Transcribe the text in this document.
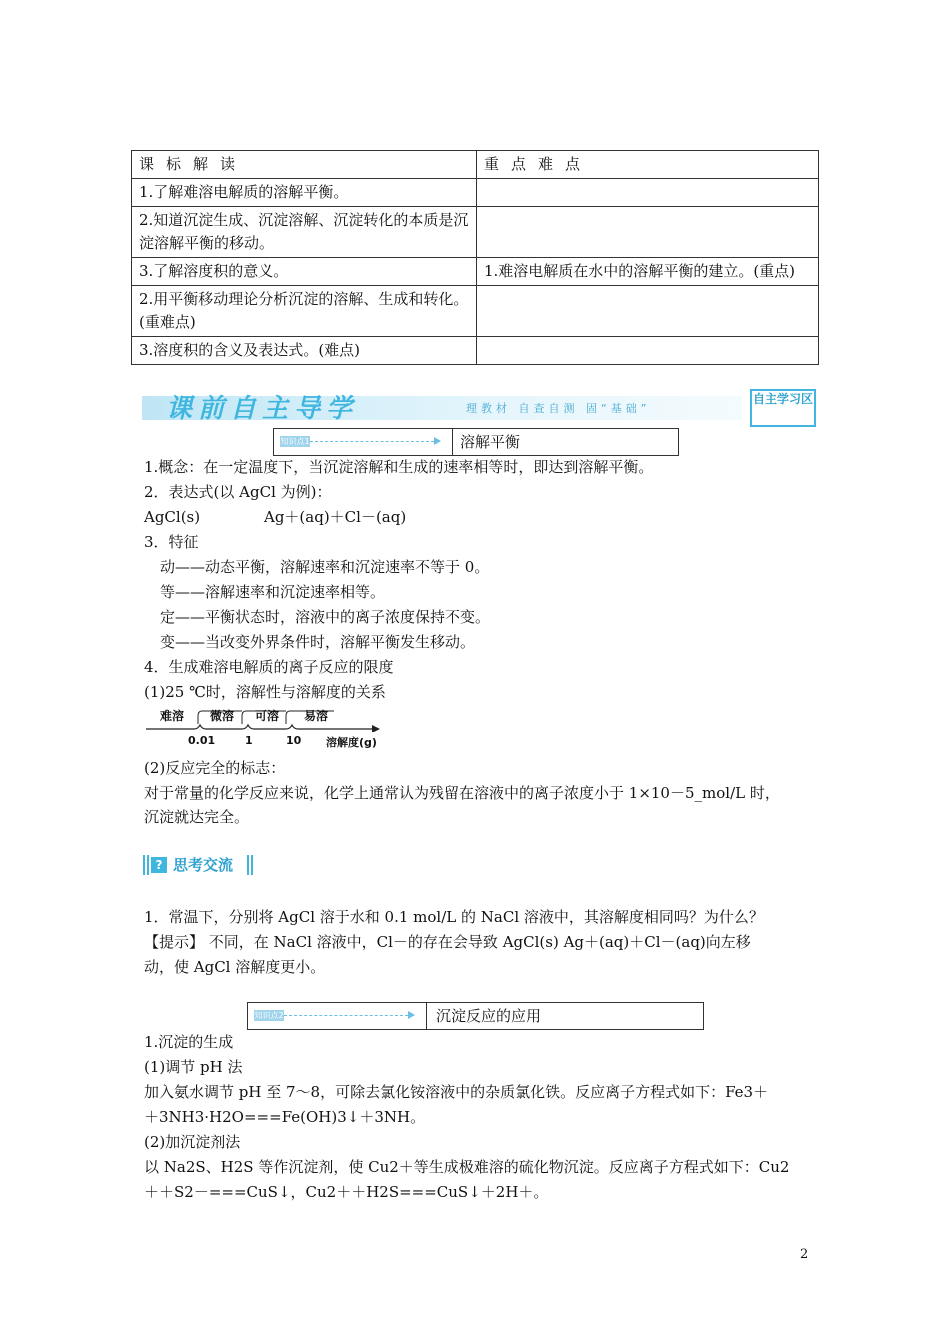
课标解读	重点难点
1.了解难溶电解质的溶解平衡。	
2.知道沉淀生成、沉淀溶解、沉淀转化的本质是沉淀溶解平衡的移动。	
3.了解溶度积的意义。	1.难溶电解质在水中的溶解平衡的建立。(重点)
2.用平衡移动理论分析沉淀的溶解、生成和转化。(重难点)	
3.溶度积的含义及表达式。(难点)	
课前自主导学	理教材 自查自测 固“基础”
自主学习区
知识点1	溶解平衡
1.概念：在一定温度下，当沉淀溶解和生成的速率相等时，即达到溶解平衡。
2．表达式(以 AgCl 为例)：
AgCl(s)	Ag＋(aq)＋Cl－(aq)
3．特征
动——动态平衡，溶解速率和沉淀速率不等于 0。
等——溶解速率和沉淀速率相等。
定——平衡状态时，溶液中的离子浓度保持不变。
变——当改变外界条件时，溶解平衡发生移动。
4．生成难溶电解质的离子反应的限度
(1)25 ℃时，溶解性与溶解度的关系
难溶	微溶	可溶	易溶
0.01	1	10 溶解度(g)
(2)反应完全的标志：
对于常量的化学反应来说，化学上通常认为残留在溶液中的离子浓度小于 1×10－5_mol/L 时，
沉淀就达完全。
? 思考交流
1．常温下，分别将 AgCl 溶于水和 0.1 mol/L 的 NaCl 溶液中，其溶解度相同吗？为什么？
【提示】 不同，在 NaCl 溶液中，Cl－的存在会导致 AgCl(s) Ag＋(aq)＋Cl－(aq)向左移
动，使 AgCl 溶解度更小。
知识点2	沉淀反应的应用
1.沉淀的生成
(1)调节 pH 法
加入氨水调节 pH 至 7～8，可除去氯化铵溶液中的杂质氯化铁。反应离子方程式如下：Fe3＋
＋3NH3·H2O===Fe(OH)3↓＋3NH。
(2)加沉淀剂法
以 Na2S、H2S 等作沉淀剂，使 Cu2＋等生成极难溶的硫化物沉淀。反应离子方程式如下：Cu2
＋＋S2－===CuS↓，Cu2＋＋H2S===CuS↓＋2H＋。
2
